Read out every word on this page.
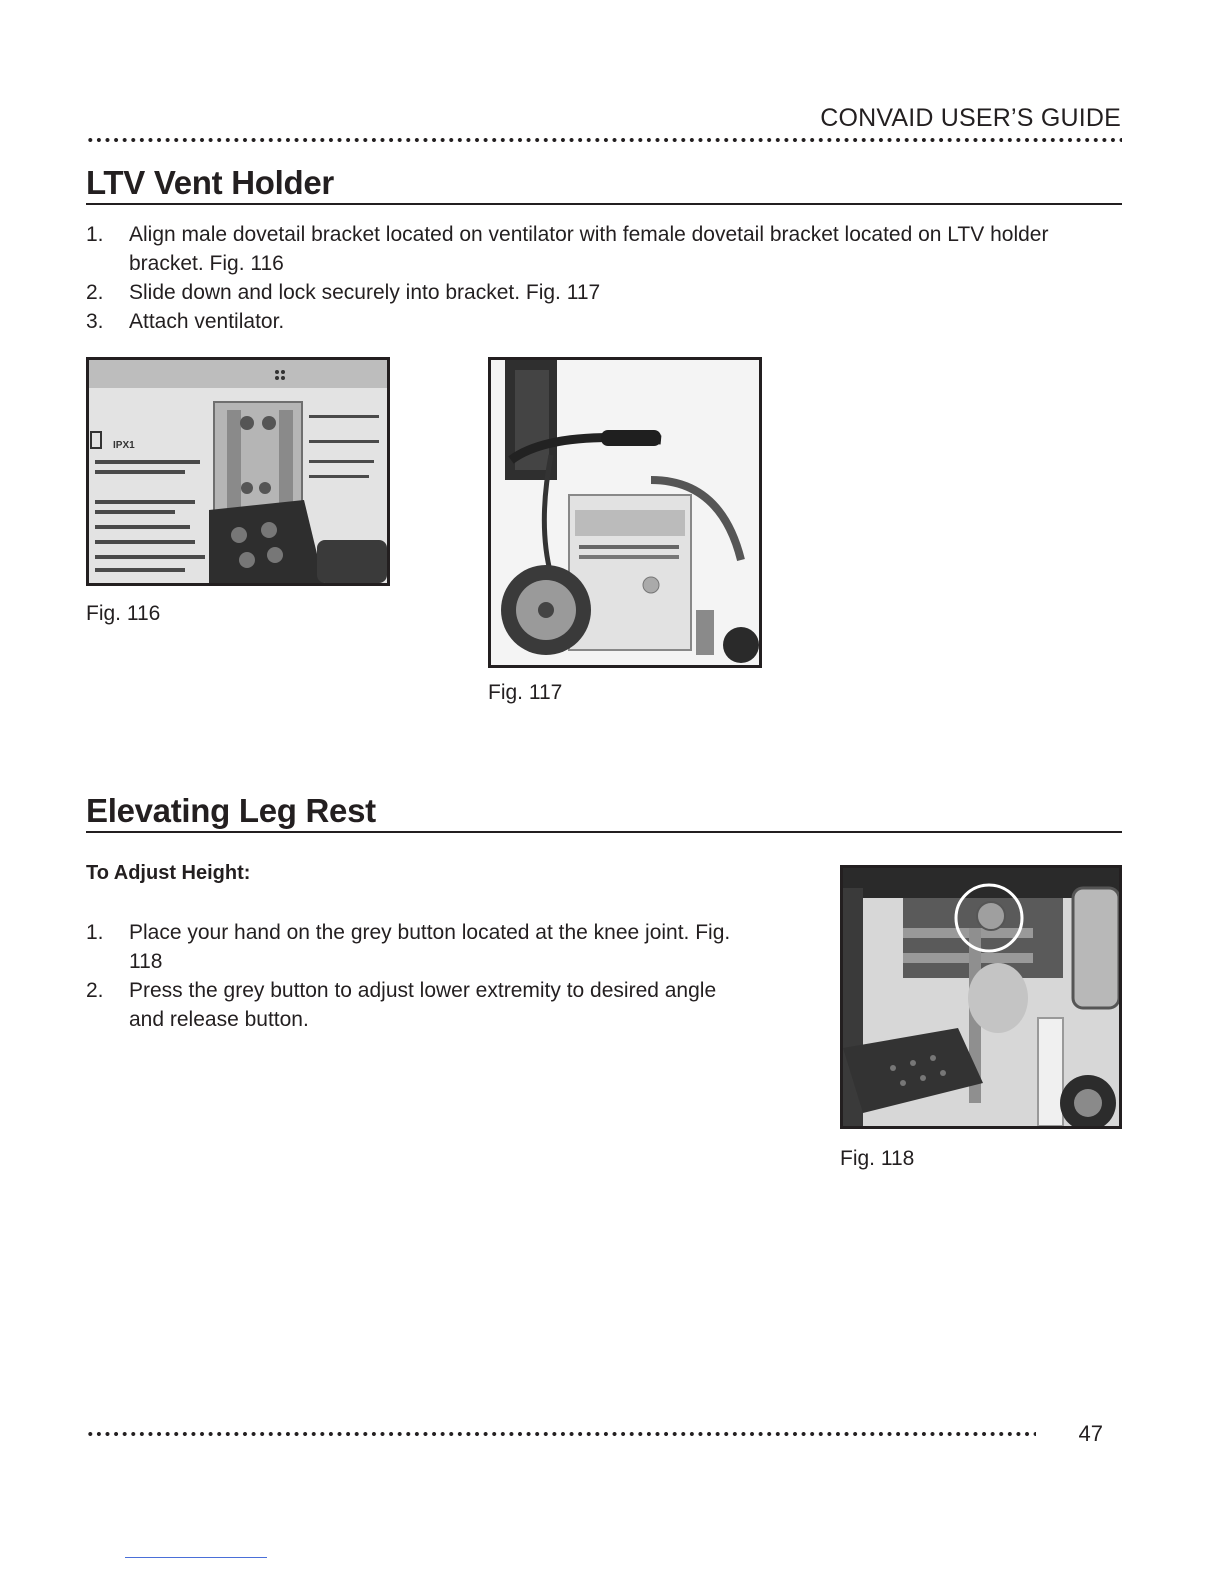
CONVAID USER’S GUIDE
LTV Vent Holder
1. Align male dovetail bracket located on ventilator with female dovetail bracket located on LTV holder bracket. Fig. 116
2. Slide down and lock securely into bracket. Fig. 117
3. Attach ventilator.
IPX1
Fig. 116
Fig. 117
Elevating Leg Rest
To Adjust Height:
1. Place your hand on the grey button located at the knee joint. Fig. 118
2. Press the grey button to adjust lower extremity to desired angle and release button.
Fig. 118
47
